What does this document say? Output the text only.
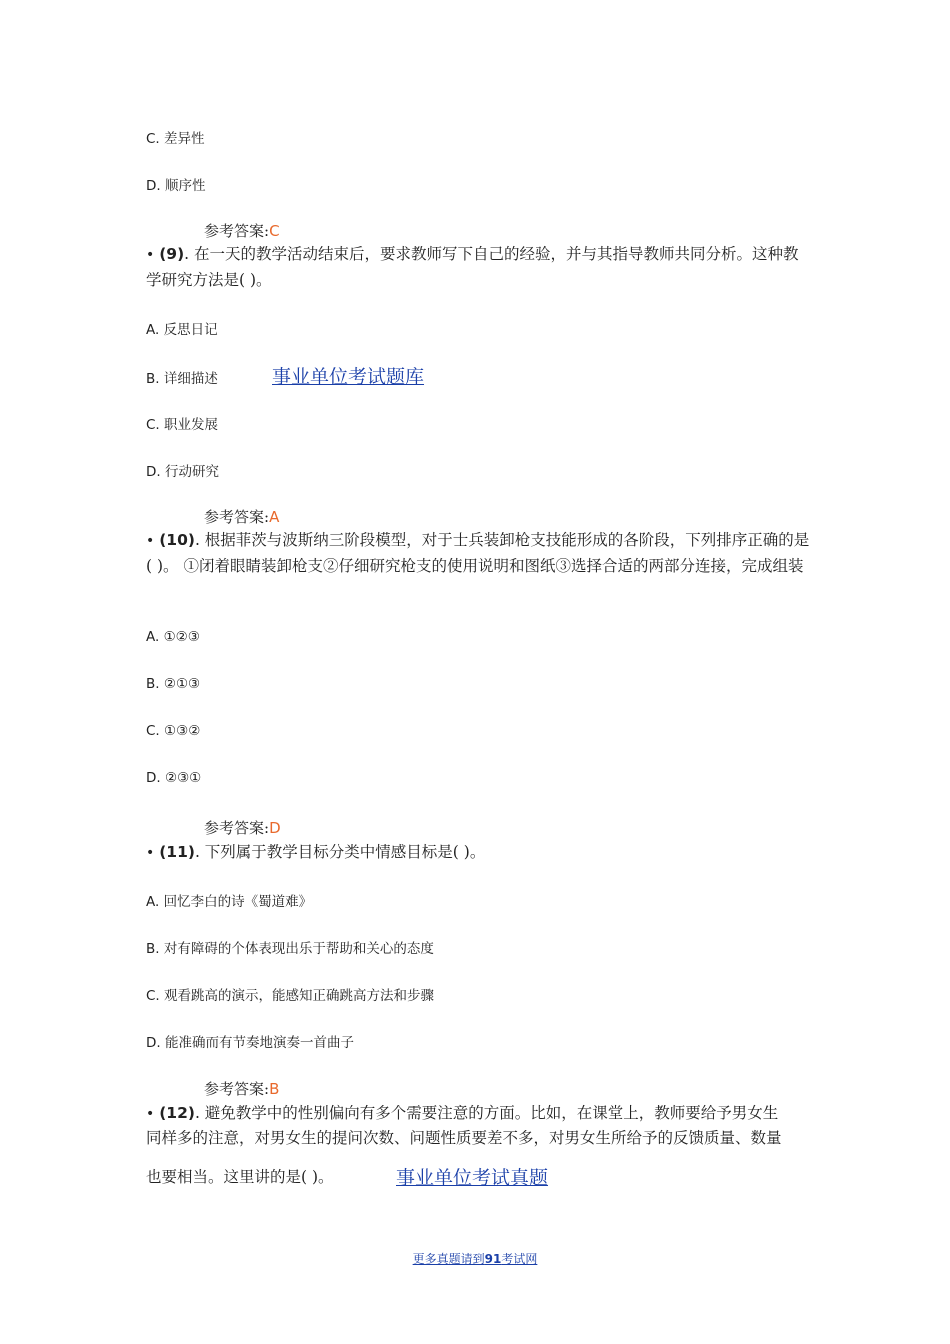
C. 差异性
D. 顺序性
参考答案:C
• (9). 在一天的教学活动结束后，要求教师写下自己的经验，并与其指导教师共同分析。这种教学研究方法是( )。
A. 反思日记
B. 详细描述	事业单位考试题库
C. 职业发展
D. 行动研究
参考答案:A
• (10). 根据菲茨与波斯纳三阶段模型，对于士兵装卸枪支技能形成的各阶段，下列排序正确的是( )。 ①闭着眼睛装卸枪支②仔细研究枪支的使用说明和图纸③选择合适的两部分连接，完成组装
A. ①②③
B. ②①③
C. ①③②
D. ②③①
参考答案:D
• (11). 下列属于教学目标分类中情感目标是( )。
A. 回忆李白的诗《蜀道难》
B. 对有障碍的个体表现出乐于帮助和关心的态度
C. 观看跳高的演示，能感知正确跳高方法和步骤
D. 能准确而有节奏地演奏一首曲子
参考答案:B
• (12). 避免教学中的性别偏向有多个需要注意的方面。比如，在课堂上，教师要给予男女生
同样多的注意，对男女生的提问次数、问题性质要差不多，对男女生所给予的反馈质量、数量
也要相当。这里讲的是( )。	事业单位考试真题
更多真题请到91考试网
